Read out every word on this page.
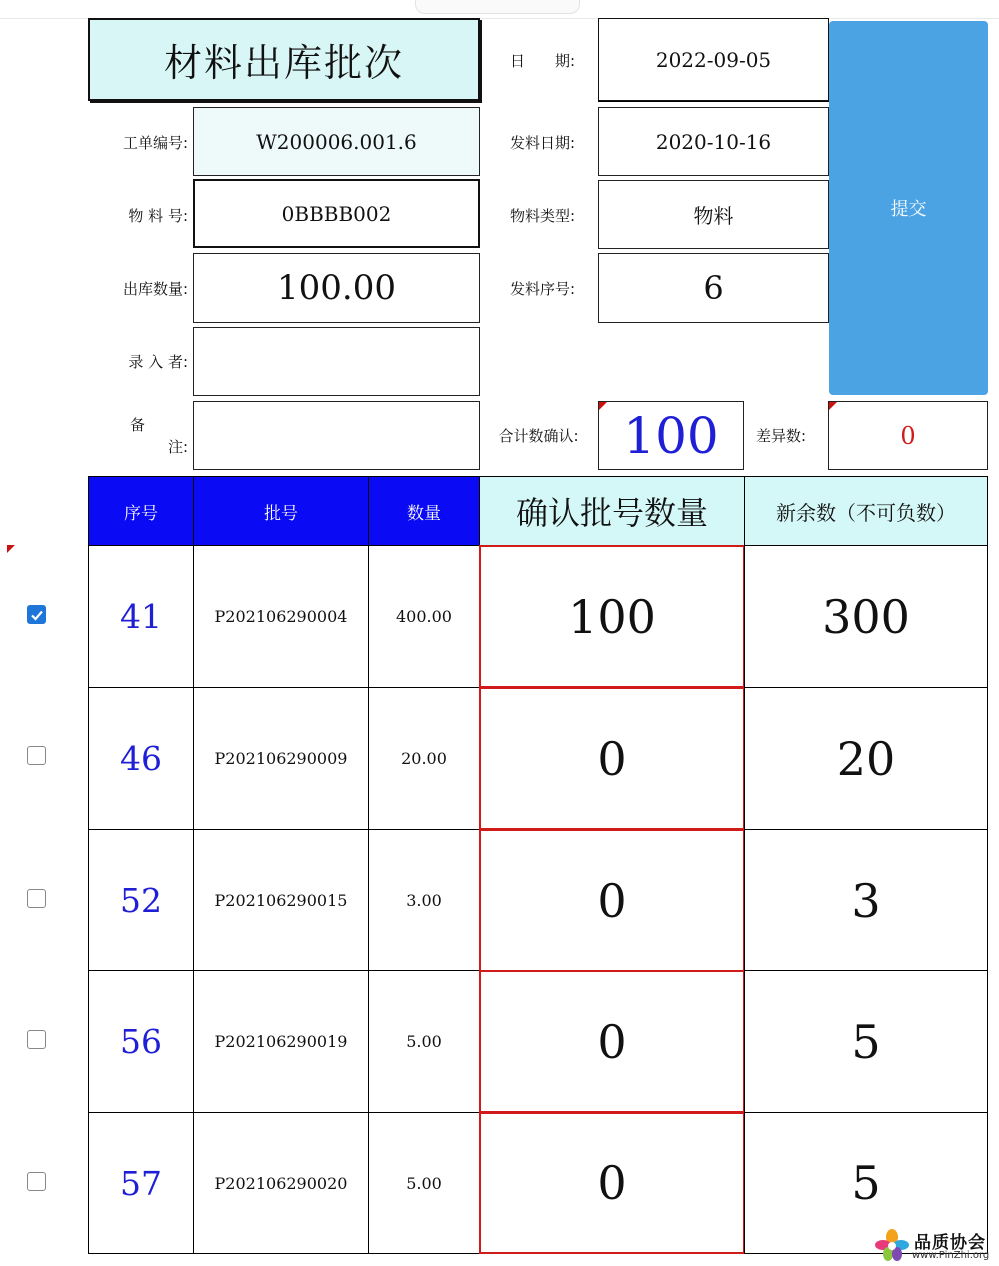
材料出库批次	日　　期:	2022-09-05
提交
工单编号:	W200006.001.6	发料日期:	2020-10-16
物 料 号:	0BBBB002	物料类型:	物料
出库数量:	100.00	发料序号:	6
录 入 者:
备
注:
合计数确认: 100	差异数:	0
序号	批号	数量	确认批号数量	新余数（不可负数）
41	P202106290004	400.00	100	300
46	P202106290009	20.00	0	20
52	P202106290015	3.00	0	3
56	P202106290019	5.00	0	5
57	P202106290020	5.00	0	5
品质协会
www.PinZhi.org
